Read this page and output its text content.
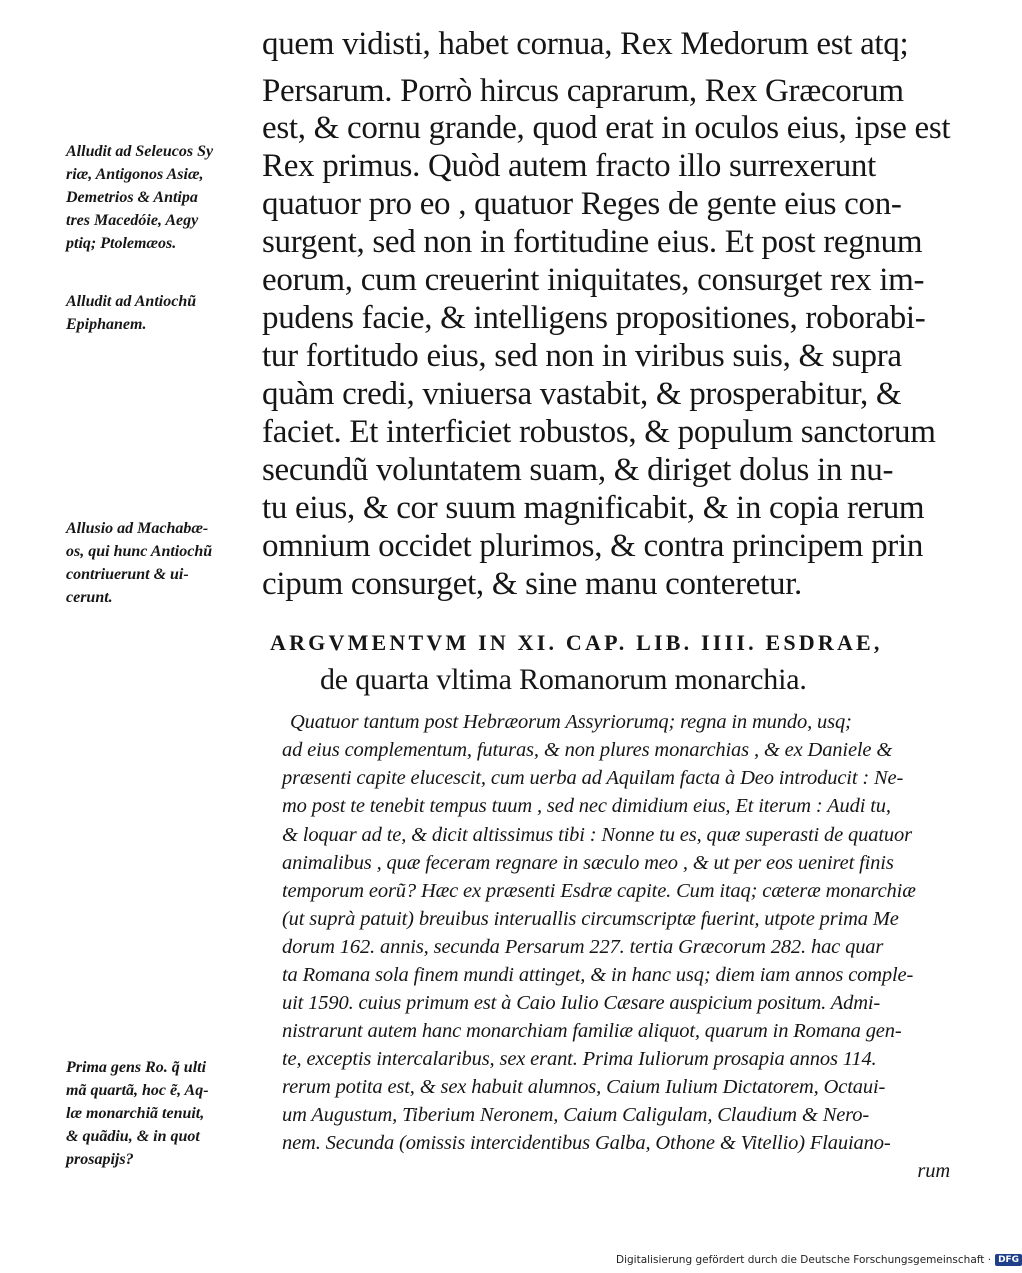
quem vidisti, habet cornua, Rex Medorum est atq;
Persarum. Porrò hircus caprarum, Rex Græcorum
est, & cornu grande, quod erat in oculos eius, ipse est
Rex primus. Quòd autem fracto illo surrexerunt
quatuor pro eo , quatuor Reges de gente eius con-
surgent, sed non in fortitudine eius. Et post regnum
eorum, cum creuerint iniquitates, consurget rex im-
pudens facie, & intelligens propositiones, roborabi-
tur fortitudo eius, sed non in viribus suis, & supra
quàm credi, vniuersa vastabit, & prosperabitur, &
faciet. Et interficiet robustos, & populum sanctorum
secundũ voluntatem suam, & diriget dolus in nu-
tu eius, & cor suum magnificabit, & in copia rerum
omnium occidet plurimos, & contra principem prin
cipum consurget, & sine manu conteretur.
Alludit ad Seleucos Sy
riæ, Antigonos Asiæ,
Demetrios & Antipa
tres Macedóie, Aegy
ptiq; Ptolemæos.
Alludit ad Antiochũ
Epiphanem.
Allusio ad Machabæ-
os, qui hunc Antiochũ
contriuerunt & ui-
cerunt.
Prima gens Ro. q̃ ulti
mã quartã, hoc ẽ, Aq-
læ monarchiã tenuit,
& quãdiu, & in quot
prosapijs?
ARGVMENTVM IN XI. CAP. LIB. IIII. ESDRAE,
de quarta vltima Romanorum monarchia.
Quatuor tantum post Hebræorum Assyriorumq; regna in mundo, usq;
ad eius complementum, futuras, & non plures monarchias , & ex Daniele &
præsenti capite elucescit, cum uerba ad Aquilam facta à Deo introducit : Ne-
mo post te tenebit tempus tuum , sed nec dimidium eius, Et iterum : Audi tu,
& loquar ad te, & dicit altissimus tibi : Nonne tu es, quæ superasti de quatuor
animalibus , quæ feceram regnare in sæculo meo , & ut per eos ueniret finis
temporum eorũ? Hæc ex præsenti Esdræ capite. Cum itaq; cæteræ monarchiæ
(ut suprà patuit) breuibus interuallis circumscriptæ fuerint, utpote prima Me
dorum 162. annis, secunda Persarum 227. tertia Græcorum 282. hac quar
ta Romana sola finem mundi attinget, & in hanc usq; diem iam annos comple-
uit 1590. cuius primum est à Caio Iulio Cæsare auspicium positum. Admi-
nistrarunt autem hanc monarchiam familiæ aliquot, quarum in Romana gen-
te, exceptis intercalaribus, sex erant. Prima Iuliorum prosapia annos 114.
rerum potita est, & sex habuit alumnos, Caium Iulium Dictatorem, Octaui-
um Augustum, Tiberium Neronem, Caium Caligulam, Claudium & Nero-
nem. Secunda (omissis intercidentibus Galba, Othone & Vitellio) Flauiano-
rum
Digitalisierung gefördert durch die Deutsche Forschungsgemeinschaft · DFG
